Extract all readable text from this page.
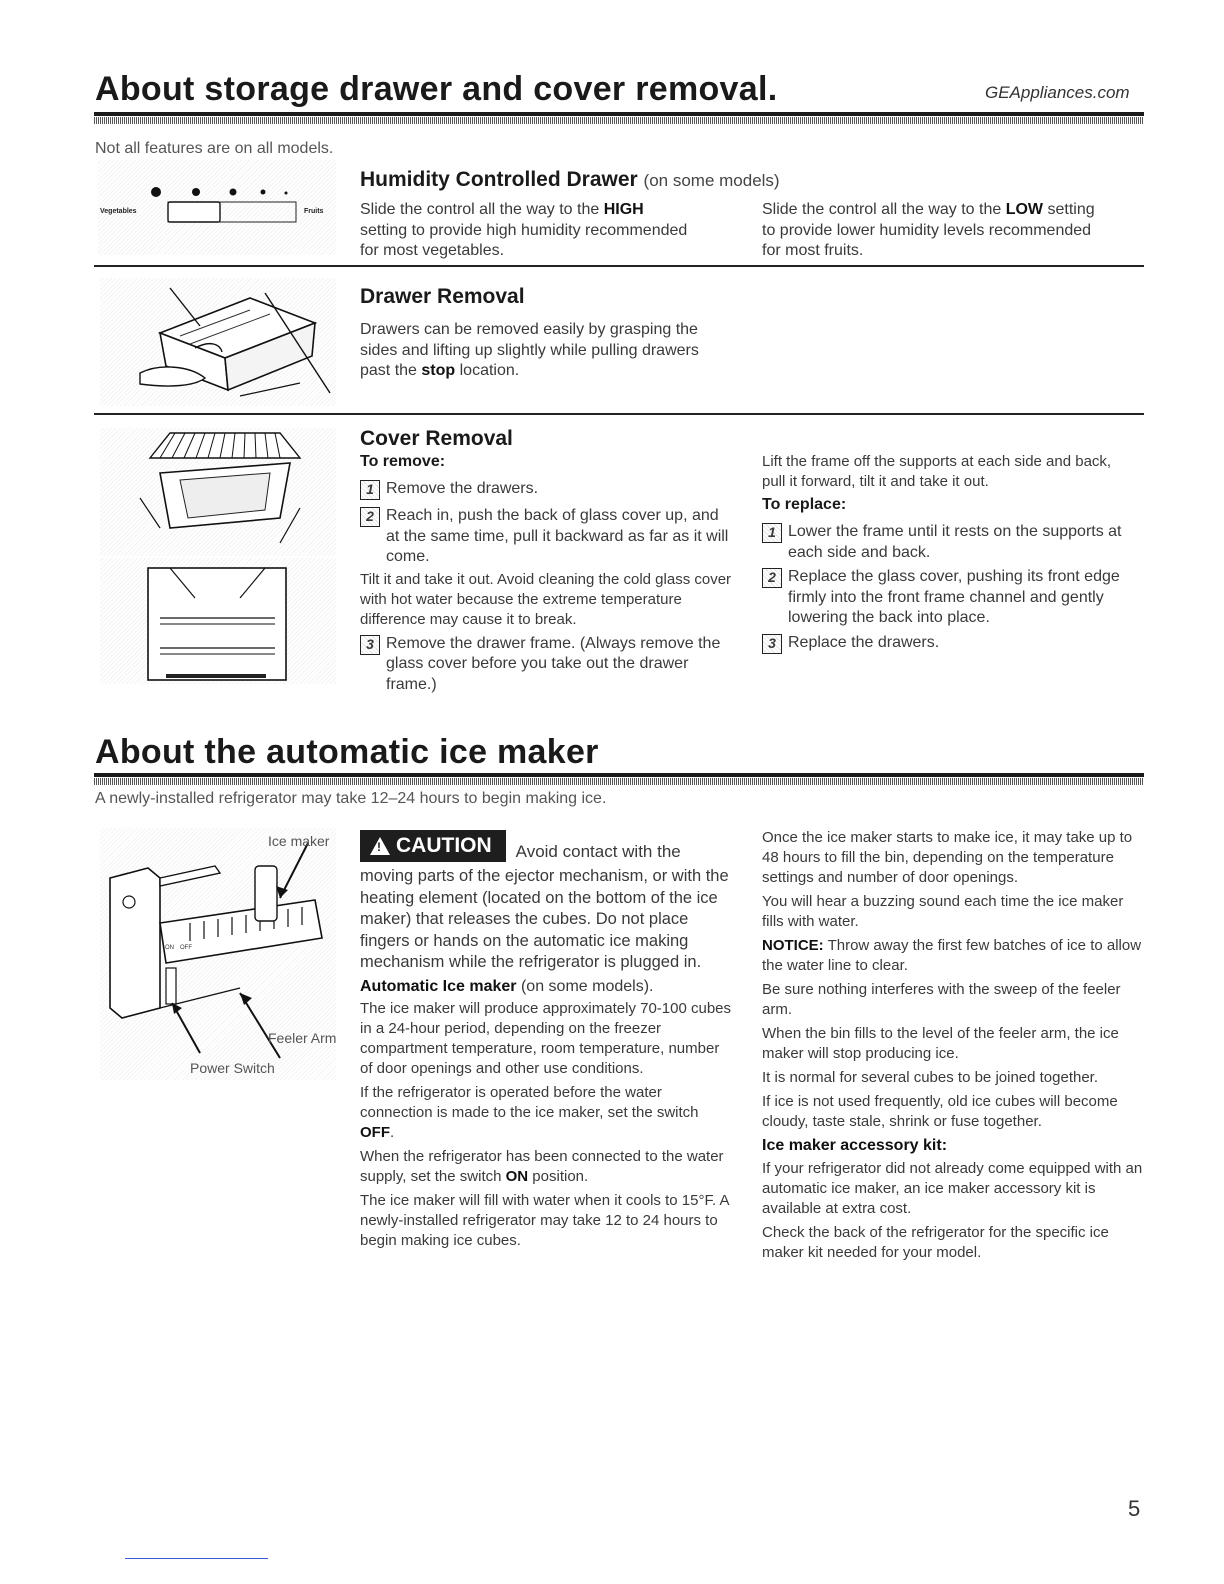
About storage drawer and cover removal.	GEAppliances.com
Not all features are on all models.
Vegetables	Fruits
Humidity Controlled Drawer (on some models)
Slide the control all the way to the HIGH setting to provide high humidity recommended for most vegetables.
Slide the control all the way to the LOW setting to provide lower humidity levels recommended for most fruits.
Drawer Removal
Drawers can be removed easily by grasping the sides and lifting up slightly while pulling drawers past the stop location.
Cover Removal
To remove:
1 Remove the drawers.
2 Reach in, push the back of glass cover up, and at the same time, pull it backward as far as it will come.

Tilt it and take it out. Avoid cleaning the cold glass cover with hot water because the extreme temperature difference may cause it to break.

3 Remove the drawer frame. (Always remove the glass cover before you take out the drawer frame.)
Lift the frame off the supports at each side and back, pull it forward, tilt it and take it out.
To replace:
1 Lower the frame until it rests on the supports at each side and back.
2 Replace the glass cover, pushing its front edge firmly into the front frame channel and gently lowering the back into place.
3 Replace the drawers.
About the automatic ice maker
A newly-installed refrigerator may take 12–24 hours to begin making ice.
Ice maker
ON OFF
Feeler Arm
Power Switch
! CAUTION Avoid contact with the
moving parts of the ejector mechanism, or with the heating element (located on the bottom of the ice maker) that releases the cubes. Do not place fingers or hands on the automatic ice making mechanism while the refrigerator is plugged in.
Automatic Ice maker (on some models).
The ice maker will produce approximately 70-100 cubes in a 24-hour period, depending on the freezer compartment temperature, room temperature, number of door openings and other use conditions.
If the refrigerator is operated before the water connection is made to the ice maker, set the switch OFF.
When the refrigerator has been connected to the water supply, set the switch ON position.
The ice maker will fill with water when it cools to 15°F. A newly-installed refrigerator may take 12 to 24 hours to begin making ice cubes.
Once the ice maker starts to make ice, it may take up to 48 hours to fill the bin, depending on the temperature settings and number of door openings.
You will hear a buzzing sound each time the ice maker fills with water.
NOTICE: Throw away the first few batches of ice to allow the water line to clear.
Be sure nothing interferes with the sweep of the feeler arm.
When the bin fills to the level of the feeler arm, the ice maker will stop producing ice.
It is normal for several cubes to be joined together.
If ice is not used frequently, old ice cubes will become cloudy, taste stale, shrink or fuse together.
Ice maker accessory kit:
If your refrigerator did not already come equipped with an automatic ice maker, an ice maker accessory kit is available at extra cost.
Check the back of the refrigerator for the specific ice maker kit needed for your model.
5
